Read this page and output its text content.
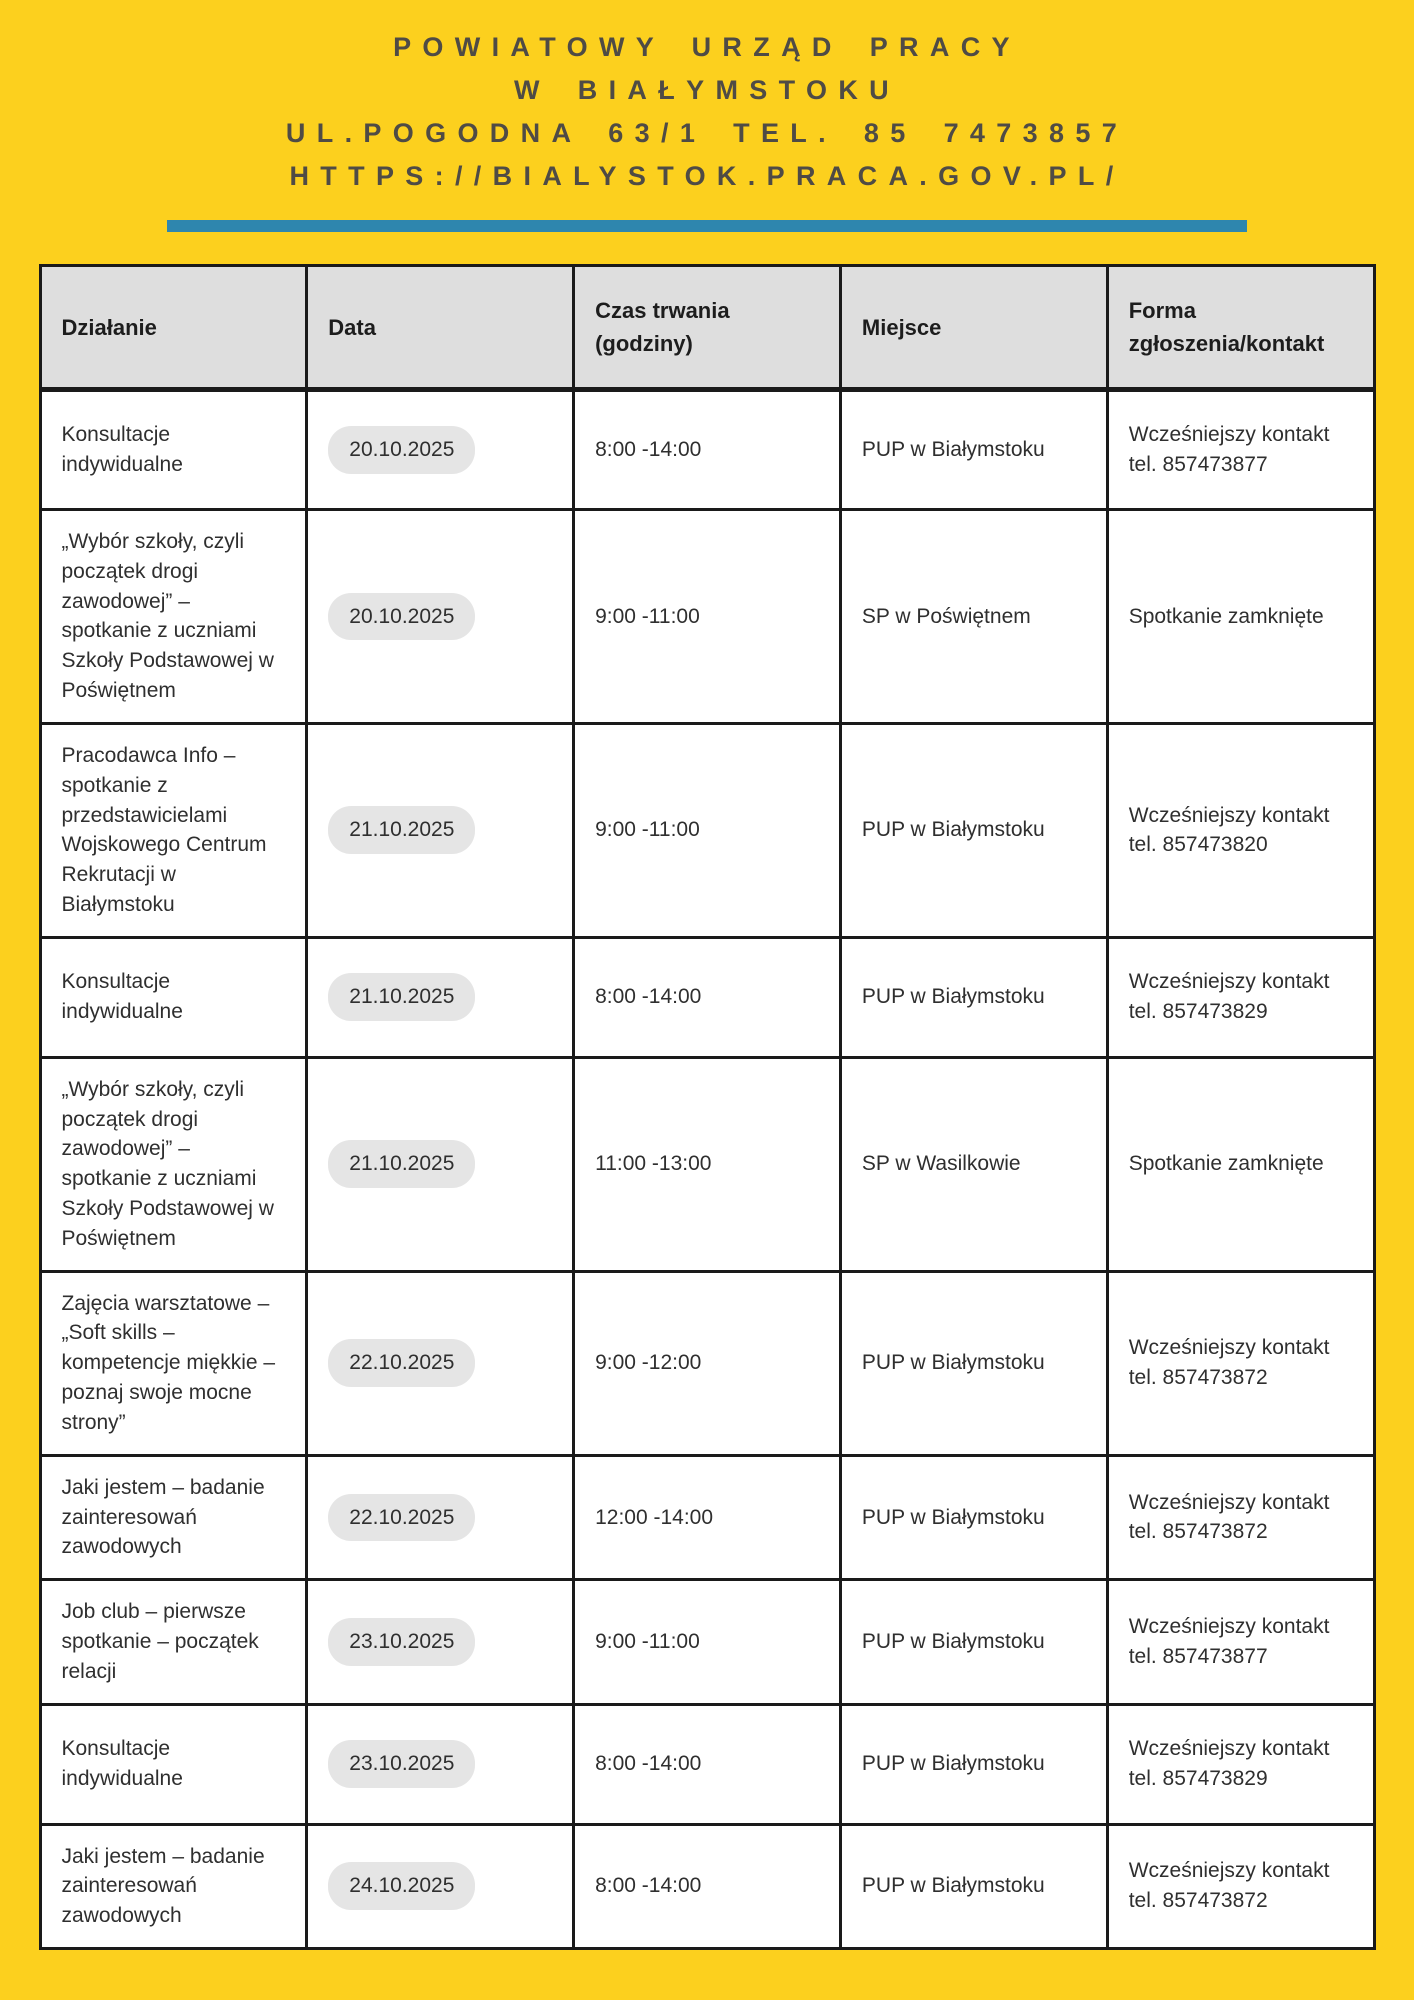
POWIATOWY URZĄD PRACY
W BIAŁYMSTOKU
UL.POGODNA 63/1 TEL. 85 7473857
HTTPS://BIALYSTOK.PRACA.GOV.PL/
Działanie	Data	Czas trwania (godziny)	Miejsce	Forma zgłoszenia/kontakt
Konsultacje indywidualne	20.10.2025	8:00 -14:00	PUP w Białymstoku	Wcześniejszy kontakt tel. 857473877
„Wybór szkoły, czyli początek drogi zawodowej” – spotkanie z uczniami Szkoły Podstawowej w Poświętnem	20.10.2025	9:00 -11:00	SP w Poświętnem	Spotkanie zamknięte
Pracodawca Info – spotkanie z przedstawicielami Wojskowego Centrum Rekrutacji w Białymstoku	21.10.2025	9:00 -11:00	PUP w Białymstoku	Wcześniejszy kontakt tel. 857473820
Konsultacje indywidualne	21.10.2025	8:00 -14:00	PUP w Białymstoku	Wcześniejszy kontakt tel. 857473829
„Wybór szkoły, czyli początek drogi zawodowej” – spotkanie z uczniami Szkoły Podstawowej w Poświętnem	21.10.2025	11:00 -13:00	SP w Wasilkowie	Spotkanie zamknięte
Zajęcia warsztatowe – „Soft skills – kompetencje miękkie – poznaj swoje mocne strony”	22.10.2025	9:00 -12:00	PUP w Białymstoku	Wcześniejszy kontakt tel. 857473872
Jaki jestem – badanie zainteresowań zawodowych	22.10.2025	12:00 -14:00	PUP w Białymstoku	Wcześniejszy kontakt tel. 857473872
Job club – pierwsze spotkanie – początek relacji	23.10.2025	9:00 -11:00	PUP w Białymstoku	Wcześniejszy kontakt tel. 857473877
Konsultacje indywidualne	23.10.2025	8:00 -14:00	PUP w Białymstoku	Wcześniejszy kontakt tel. 857473829
Jaki jestem – badanie zainteresowań zawodowych	24.10.2025	8:00 -14:00	PUP w Białymstoku	Wcześniejszy kontakt tel. 857473872
